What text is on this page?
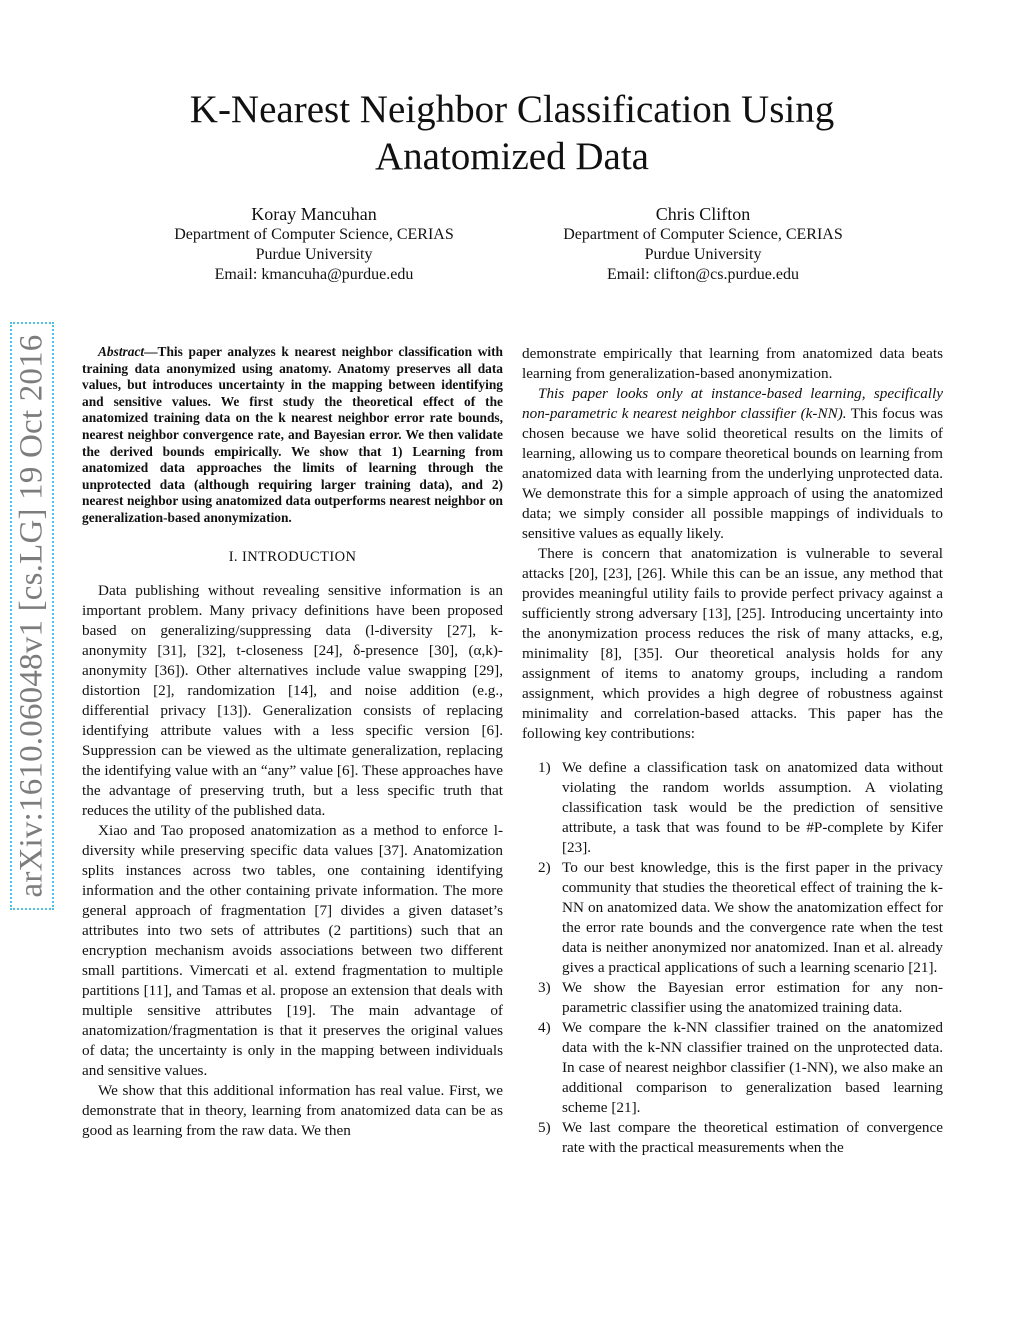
arXiv:1610.06048v1 [cs.LG] 19 Oct 2016
K-Nearest Neighbor Classification Using
Anatomized Data
Koray Mancuhan
Department of Computer Science, CERIAS
Purdue University
Email: kmancuha@purdue.edu
Chris Clifton
Department of Computer Science, CERIAS
Purdue University
Email: clifton@cs.purdue.edu

Abstract—This paper analyzes k nearest neighbor classification with training data anonymized using anatomy. Anatomy preserves all data values, but introduces uncertainty in the mapping between identifying and sensitive values. We first study the theoretical effect of the anatomized training data on the k nearest neighbor error rate bounds, nearest neighbor convergence rate, and Bayesian error. We then validate the derived bounds empirically. We show that 1) Learning from anatomized data approaches the limits of learning through the unprotected data (although requiring larger training data), and 2) nearest neighbor using anatomized data outperforms nearest neighbor on generalization-based anonymization.

I. INTRODUCTION

Data publishing without revealing sensitive information is an important problem. Many privacy definitions have been proposed based on generalizing/suppressing data (l-diversity [27], k-anonymity [31], [32], t-closeness [24], δ-presence [30], (α,k)-anonymity [36]). Other alternatives include value swapping [29], distortion [2], randomization [14], and noise addition (e.g., differential privacy [13]). Generalization consists of replacing identifying attribute values with a less specific version [6]. Suppression can be viewed as the ultimate generalization, replacing the identifying value with an “any” value [6]. These approaches have the advantage of preserving truth, but a less specific truth that reduces the utility of the published data.

Xiao and Tao proposed anatomization as a method to enforce l-diversity while preserving specific data values [37]. Anatomization splits instances across two tables, one containing identifying information and the other containing private information. The more general approach of fragmentation [7] divides a given dataset’s attributes into two sets of attributes (2 partitions) such that an encryption mechanism avoids associations between two different small partitions. Vimercati et al. extend fragmentation to multiple partitions [11], and Tamas et al. propose an extension that deals with multiple sensitive attributes [19]. The main advantage of anatomization/fragmentation is that it preserves the original values of data; the uncertainty is only in the mapping between individuals and sensitive values.

We show that this additional information has real value. First, we demonstrate that in theory, learning from anatomized data can be as good as learning from the raw data. We then

demonstrate empirically that learning from anatomized data beats learning from generalization-based anonymization.

This paper looks only at instance-based learning, specifically non-parametric k nearest neighbor classifier (k-NN). This focus was chosen because we have solid theoretical results on the limits of learning, allowing us to compare theoretical bounds on learning from anatomized data with learning from the underlying unprotected data. We demonstrate this for a simple approach of using the anatomized data; we simply consider all possible mappings of individuals to sensitive values as equally likely.

There is concern that anatomization is vulnerable to several attacks [20], [23], [26]. While this can be an issue, any method that provides meaningful utility fails to provide perfect privacy against a sufficiently strong adversary [13], [25]. Introducing uncertainty into the anonymization process reduces the risk of many attacks, e.g, minimality [8], [35]. Our theoretical analysis holds for any assignment of items to anatomy groups, including a random assignment, which provides a high degree of robustness against minimality and correlation-based attacks. This paper has the following key contributions:

1) We define a classification task on anatomized data without violating the random worlds assumption. A violating classification task would be the prediction of sensitive attribute, a task that was found to be #P-complete by Kifer [23].
2) To our best knowledge, this is the first paper in the privacy community that studies the theoretical effect of training the k-NN on anatomized data. We show the anatomization effect for the error rate bounds and the convergence rate when the test data is neither anonymized nor anatomized. Inan et al. already gives a practical applications of such a learning scenario [21].
3) We show the Bayesian error estimation for any non-parametric classifier using the anatomized training data.
4) We compare the k-NN classifier trained on the anatomized data with the k-NN classifier trained on the unprotected data. In case of nearest neighbor classifier (1-NN), we also make an additional comparison to generalization based learning scheme [21].
5) We last compare the theoretical estimation of convergence rate with the practical measurements when the
